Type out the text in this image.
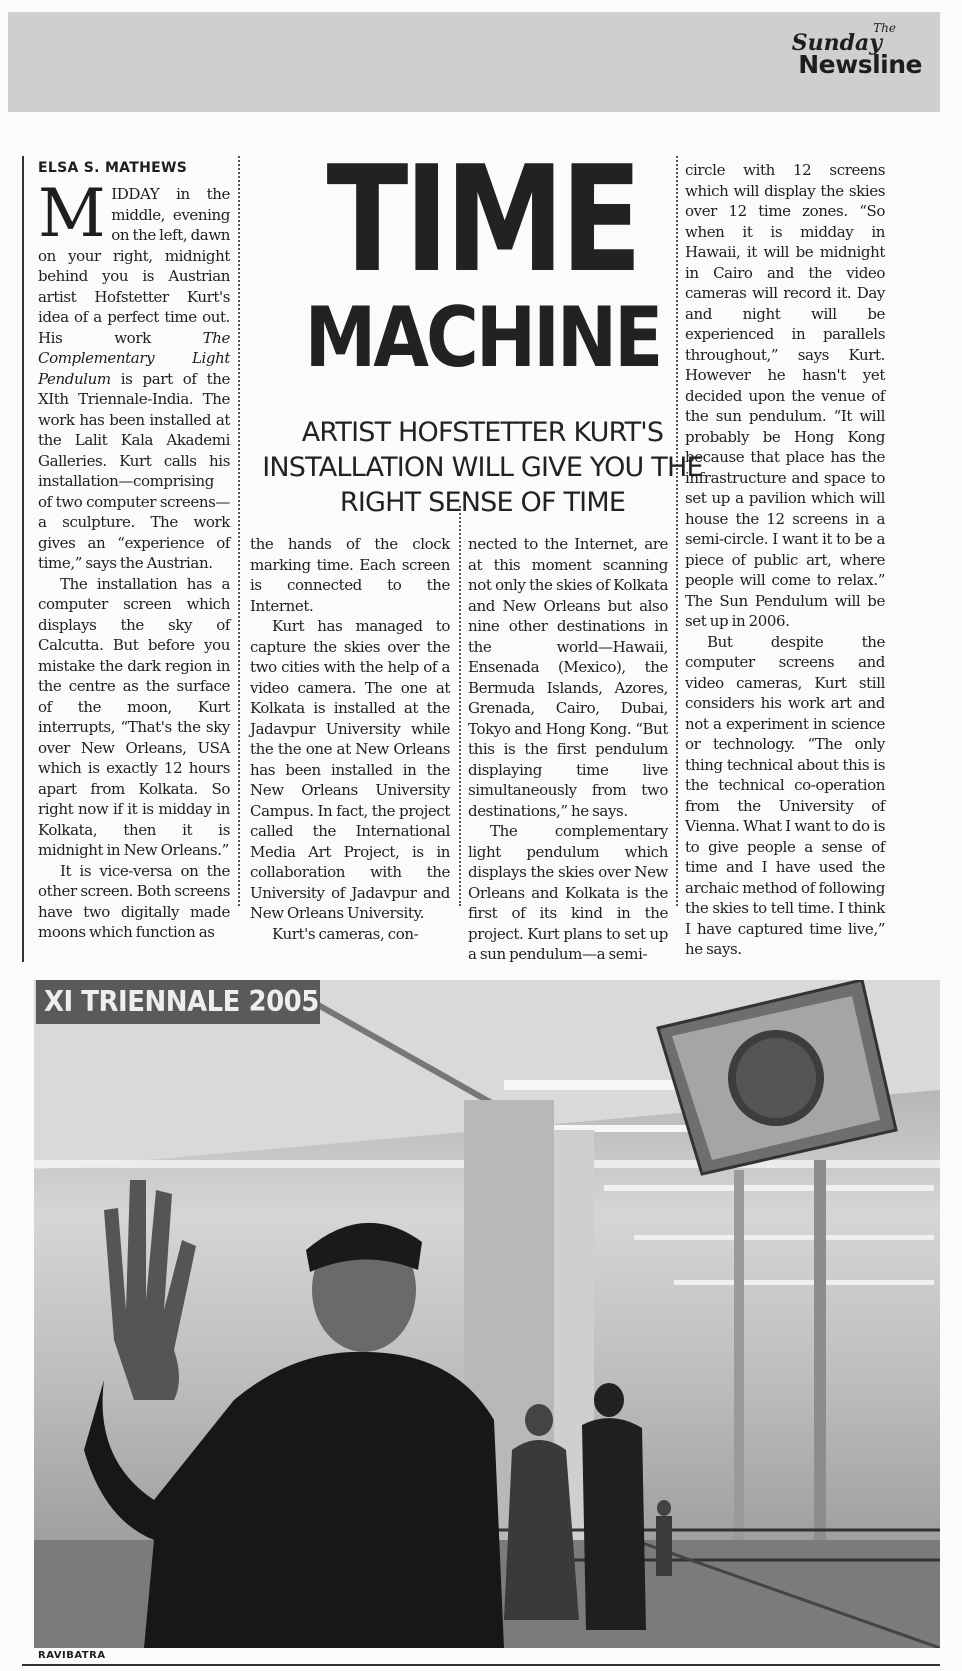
The
Sunday
Newsline
ELSA S. MATHEWS

MIDDAY in the middle, evening on the left, dawn on your right, midnight behind you is Austrian artist Hofstetter Kurt's idea of a perfect time out. His work The Complementary Light Pendulum is part of the XIth Triennale-India. The work has been installed at the Lalit Kala Akademi Galleries. Kurt calls his installation—comprising of two computer screens—a sculpture. The work gives an “experience of time,” says the Austrian.

The installation has a computer screen which displays the sky of Calcutta. But before you mistake the dark region in the centre as the surface of the moon, Kurt interrupts, “That's the sky over New Orleans, USA which is exactly 12 hours apart from Kolkata. So right now if it is midday in Kolkata, then it is midnight in New Orleans.”

It is vice-versa on the other screen. Both screens have two digitally made moons which function as

TIME
MACHINE
ARTIST HOFSTETTER KURT'S INSTALLATION WILL GIVE YOU THE RIGHT SENSE OF TIME

the hands of the clock marking time. Each screen is connected to the Internet.

Kurt has managed to capture the skies over the two cities with the help of a video camera. The one at Kolkata is installed at the Jadavpur University while the the one at New Orleans has been installed in the New Orleans University Campus. In fact, the project called the International Media Art Project, is in collaboration with the University of Jadavpur and New Orleans University.

Kurt's cameras, con-

nected to the Internet, are at this moment scanning not only the skies of Kolkata and New Orleans but also nine other destinations in the world—Hawaii, Ensenada (Mexico), the Bermuda Islands, Azores, Grenada, Cairo, Dubai, Tokyo and Hong Kong. “But this is the first pendulum displaying time live simultaneously from two destinations,” he says.

The complementary light pendulum which displays the skies over New Orleans and Kolkata is the first of its kind in the project. Kurt plans to set up a sun pendulum—a semi-

circle with 12 screens which will display the skies over 12 time zones. “So when it is midday in Hawaii, it will be midnight in Cairo and the video cameras will record it. Day and night will be experienced in parallels throughout,” says Kurt. However he hasn't yet decided upon the venue of the sun pendulum. “It will probably be Hong Kong because that place has the infrastructure and space to set up a pavilion which will house the 12 screens in a semi-circle. I want it to be a piece of public art, where people will come to relax.” The Sun Pendulum will be set up in 2006.

But despite the computer screens and video cameras, Kurt still considers his work art and not a experiment in science or technology. “The only thing technical about this is the technical co-operation from the University of Vienna. What I want to do is to give people a sense of time and I have used the archaic method of following the skies to tell time. I think I have captured time live,” he says.

XI TRIENNALE 2005
RAVIBATRA
